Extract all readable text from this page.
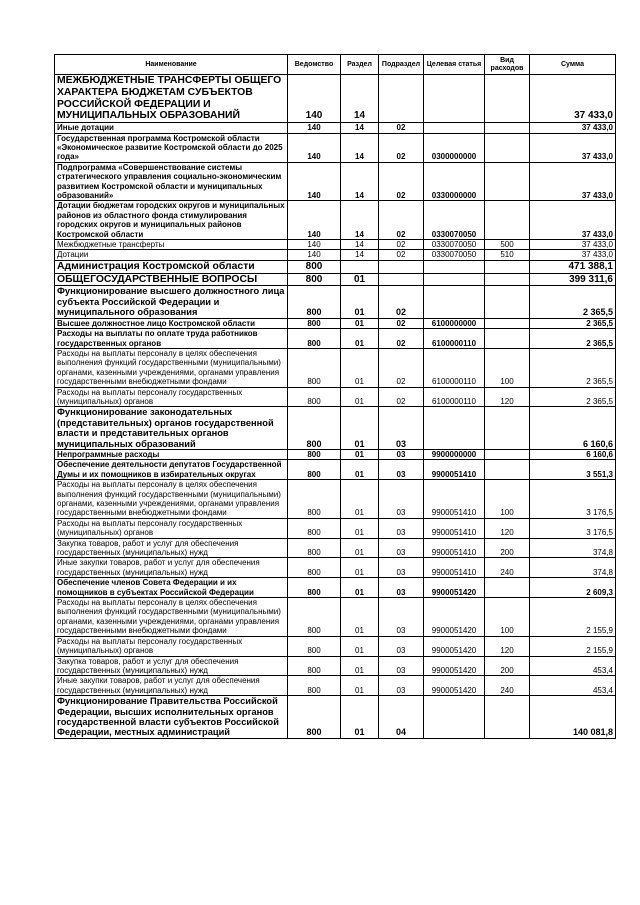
Наименование	Ведомство	Раздел	Подраздел	Целевая статья	Вид расходов	Сумма
МЕЖБЮДЖЕТНЫЕ ТРАНСФЕРТЫ ОБЩЕГО ХАРАКТЕРА БЮДЖЕТАМ СУБЪЕКТОВ РОССИЙСКОЙ ФЕДЕРАЦИИ И МУНИЦИПАЛЬНЫХ ОБРАЗОВАНИЙ	140	14				37 433,0
Иные дотации	140	14	02			37 433,0
Государственная программа Костромской области «Экономическое развитие Костромской области до 2025 года»	140	14	02	0300000000		37 433,0
Подпрограмма «Совершенствование системы стратегического управления социально-экономическим развитием Костромской области и муниципальных образований»	140	14	02	0330000000		37 433,0
Дотации бюджетам городских округов и муниципальных районов из областного фонда стимулирования городских округов и муниципальных районов Костромской области	140	14	02	0330070050		37 433,0
Межбюджетные трансферты	140	14	02	0330070050	500	37 433,0
Дотации	140	14	02	0330070050	510	37 433,0
Администрация Костромской области	800					471 388,1
ОБЩЕГОСУДАРСТВЕННЫЕ ВОПРОСЫ	800	01				399 311,6
Функционирование высшего должностного лица субъекта Российской Федерации и муниципального образования	800	01	02			2 365,5
Высшее должностное лицо Костромской области	800	01	02	6100000000		2 365,5
Расходы на выплаты по оплате труда работников государственных органов	800	01	02	6100000110		2 365,5
Расходы на выплаты персоналу в целях обеспечения выполнения функций государственными (муниципальными) органами, казенными учреждениями, органами управления государственными внебюджетными фондами	800	01	02	6100000110	100	2 365,5
Расходы на выплаты персоналу государственных (муниципальных) органов	800	01	02	6100000110	120	2 365,5
Функционирование законодательных (представительных) органов государственной власти и представительных органов муниципальных образований	800	01	03			6 160,6
Непрограммные расходы	800	01	03	9900000000		6 160,6
Обеспечение деятельности депутатов Государственной Думы и их помощников в избирательных округах	800	01	03	9900051410		3 551,3
Расходы на выплаты персоналу в целях обеспечения выполнения функций государственными (муниципальными) органами, казенными учреждениями, органами управления государственными внебюджетными фондами	800	01	03	9900051410	100	3 176,5
Расходы на выплаты персоналу государственных (муниципальных) органов	800	01	03	9900051410	120	3 176,5
Закупка товаров, работ и услуг для обеспечения государственных (муниципальных) нужд	800	01	03	9900051410	200	374,8
Иные закупки товаров, работ и услуг для обеспечения государственных (муниципальных) нужд	800	01	03	9900051410	240	374,8
Обеспечение членов Совета Федерации и их помощников в субъектах Российской Федерации	800	01	03	9900051420		2 609,3
Расходы на выплаты персоналу в целях обеспечения выполнения функций государственными (муниципальными) органами, казенными учреждениями, органами управления государственными внебюджетными фондами	800	01	03	9900051420	100	2 155,9
Расходы на выплаты персоналу государственных (муниципальных) органов	800	01	03	9900051420	120	2 155,9
Закупка товаров, работ и услуг для обеспечения государственных (муниципальных) нужд	800	01	03	9900051420	200	453,4
Иные закупки товаров, работ и услуг для обеспечения государственных (муниципальных) нужд	800	01	03	9900051420	240	453,4
Функционирование Правительства Российской Федерации, высших исполнительных органов государственной власти субъектов Российской Федерации, местных администраций	800	01	04			140 081,8
